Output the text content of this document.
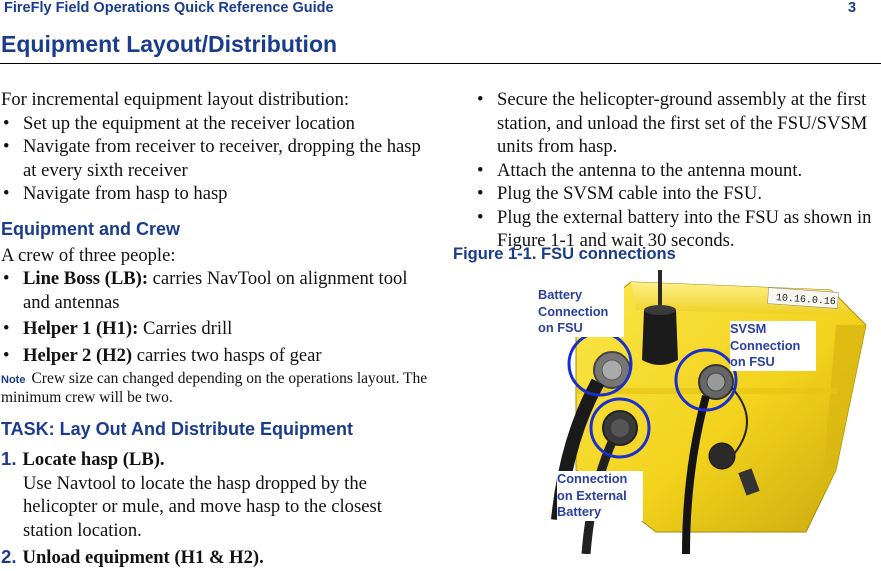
FireFly Field Operations Quick Reference Guide	3
Equipment Layout/Distribution

For incremental equipment layout distribution:

• Set up the equipment at the receiver location

• Navigate from receiver to receiver, dropping the hasp at every sixth receiver

• Navigate from hasp to hasp

Equipment and Crew

A crew of three people:

• Line Boss (LB): carries NavTool on alignment tool and antennas

• Helper 1 (H1): Carries drill

• Helper 2 (H2) carries two hasps of gear

Note Crew size can changed depending on the operations layout. The minimum crew will be two.

TASK: Lay Out And Distribute Equipment

1. Locate hasp (LB).

Use Navtool to locate the hasp dropped by the helicopter or mule, and move hasp to the closest station location.

2. Unload equipment (H1 & H2).

• Secure the helicopter-ground assembly at the first station, and unload the first set of the FSU/SVSM units from hasp.

• Attach the antenna to the antenna mount.

• Plug the SVSM cable into the FSU.

• Plug the external battery into the FSU as shown in Figure 1-1 and wait 30 seconds.

Figure 1-1. FSU connections

10.16.0.16
Battery
Connection
on FSU	SVSM
Connection
on FSU
Connection
on External
Battery
